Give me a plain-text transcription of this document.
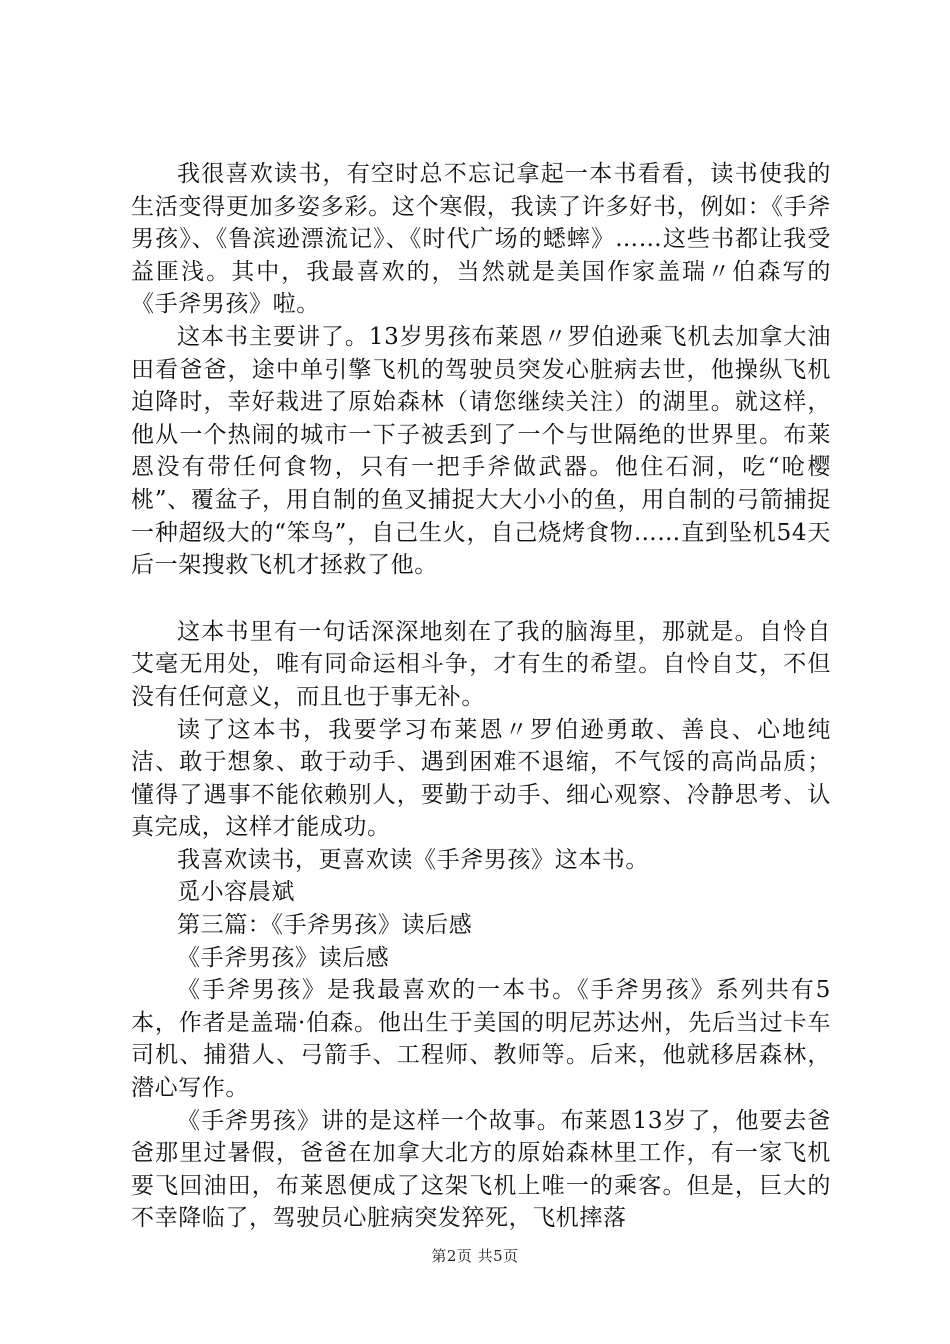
我很喜欢读书，有空时总不忘记拿起一本书看看，读书使我的生活变得更加多姿多彩。这个寒假，我读了许多好书，例如：《手斧男孩》、《鲁滨逊漂流记》、《时代广场的蟋蟀》……这些书都让我受益匪浅。其中，我最喜欢的，当然就是美国作家盖瑞〃伯森写的《手斧男孩》啦。

这本书主要讲了。13岁男孩布莱恩〃罗伯逊乘飞机去加拿大油田看爸爸，途中单引擎飞机的驾驶员突发心脏病去世，他操纵飞机迫降时，幸好栽进了原始森林（请您继续关注）的湖里。就这样，他从一个热闹的城市一下子被丢到了一个与世隔绝的世界里。布莱恩没有带任何食物，只有一把手斧做武器。他住石洞，吃“呛樱桃”、覆盆子，用自制的鱼叉捕捉大大小小的鱼，用自制的弓箭捕捉一种超级大的“笨鸟”，自己生火，自己烧烤食物……直到坠机54天后一架搜救飞机才拯救了他。

这本书里有一句话深深地刻在了我的脑海里，那就是。自怜自艾毫无用处，唯有同命运相斗争，才有生的希望。自怜自艾，不但没有任何意义，而且也于事无补。

读了这本书，我要学习布莱恩〃罗伯逊勇敢、善良、心地纯洁、敢于想象、敢于动手、遇到困难不退缩，不气馁的高尚品质；懂得了遇事不能依赖别人，要勤于动手、细心观察、冷静思考、认真完成，这样才能成功。

我喜欢读书，更喜欢读《手斧男孩》这本书。

觅小容晨斌

第三篇：《手斧男孩》读后感

《手斧男孩》读后感

《手斧男孩》是我最喜欢的一本书。《手斧男孩》系列共有5本，作者是盖瑞·伯森。他出生于美国的明尼苏达州，先后当过卡车司机、捕猎人、弓箭手、工程师、教师等。后来，他就移居森林，潜心写作。

《手斧男孩》讲的是这样一个故事。布莱恩13岁了，他要去爸爸那里过暑假，爸爸在加拿大北方的原始森林里工作，有一家飞机要飞回油田，布莱恩便成了这架飞机上唯一的乘客。但是，巨大的不幸降临了，驾驶员心脏病突发猝死，飞机摔落

第2页 共5页
